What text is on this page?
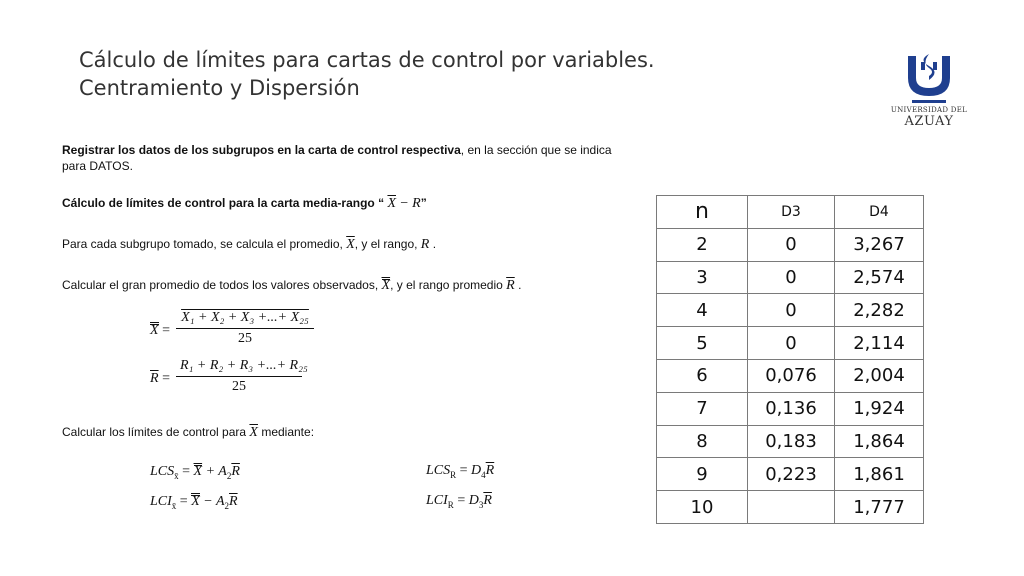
Cálculo de límites para cartas de control por variables.
Centramiento y Dispersión
UNIVERSIDAD DEL
AZUAY
Registrar los datos de los subgrupos en la carta de control respectiva, en la sección que se indica para DATOS.
Cálculo de límites de control para la carta media-rango “ $\overline{X} - R$”
Para cada subgrupo tomado, se calcula el promedio, $\overline{X}$, y el rango, R .
Calcular el gran promedio de todos los valores observados, $\overline{X}$, y el rango promedio $\overline{R}$ .
$\overline{X} = \frac{\text{X₁ + X₂ + X₃ +...+ X₂₅}}{25}$
$\overline{R} = \frac{\text{R₁ + R₂ + R₃ +...+ R₂₅}}{25}$
Calcular los límites de control para $\overline{X}$ mediante:
$LCS_{x̄} = \overline{X} + A_2\overline{R}$
$LCI_{x̄} = \overline{X} - A_2\overline{R}$
$LCS_R = D_4\overline{R}$
$LCI_R = D_3\overline{R}$
n	D3	D4
2	0	3,267
3	0	2,574
4	0	2,282
5	0	2,114
6	0,076	2,004
7	0,136	1,924
8	0,183	1,864
9	0,223	1,861
10		1,777
